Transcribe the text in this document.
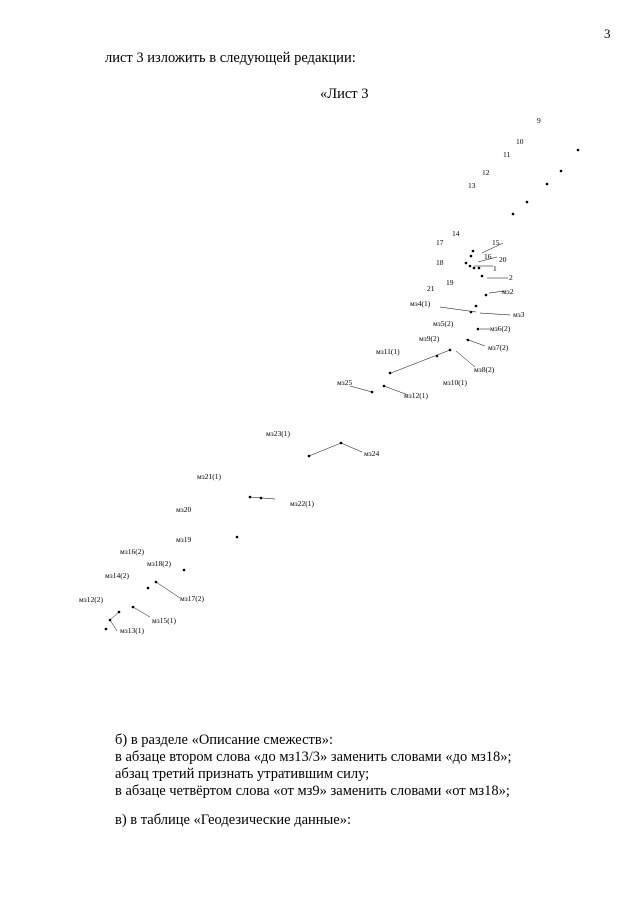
3
лист 3 изложить в следующей редакции:
«Лист 3
9
10
11
12
13
14
15
16
17
18	20
1
19
2
21	мз2
мз4(1)
мз3
мз5(2)
мз6(2)
мз9(2)
мз7(2)
мз11(1)
мз8(2)
мз25	мз10(1)
мз12(1)
мз23(1)
мз24
мз21(1)
мз22(1)
мз20
мз19
мз16(2)
мз18(2)
мз14(2)
мз12(2)	мз17(2)
мз15(1)
мз13(1)
б) в разделе «Описание смежеств»:
в абзаце втором слова «до мз13/3» заменить словами «до мз18»;
абзац третий признать утратившим силу;
в абзаце четвёртом слова «от мз9» заменить словами «от мз18»;
в) в таблице «Геодезические данные»:
